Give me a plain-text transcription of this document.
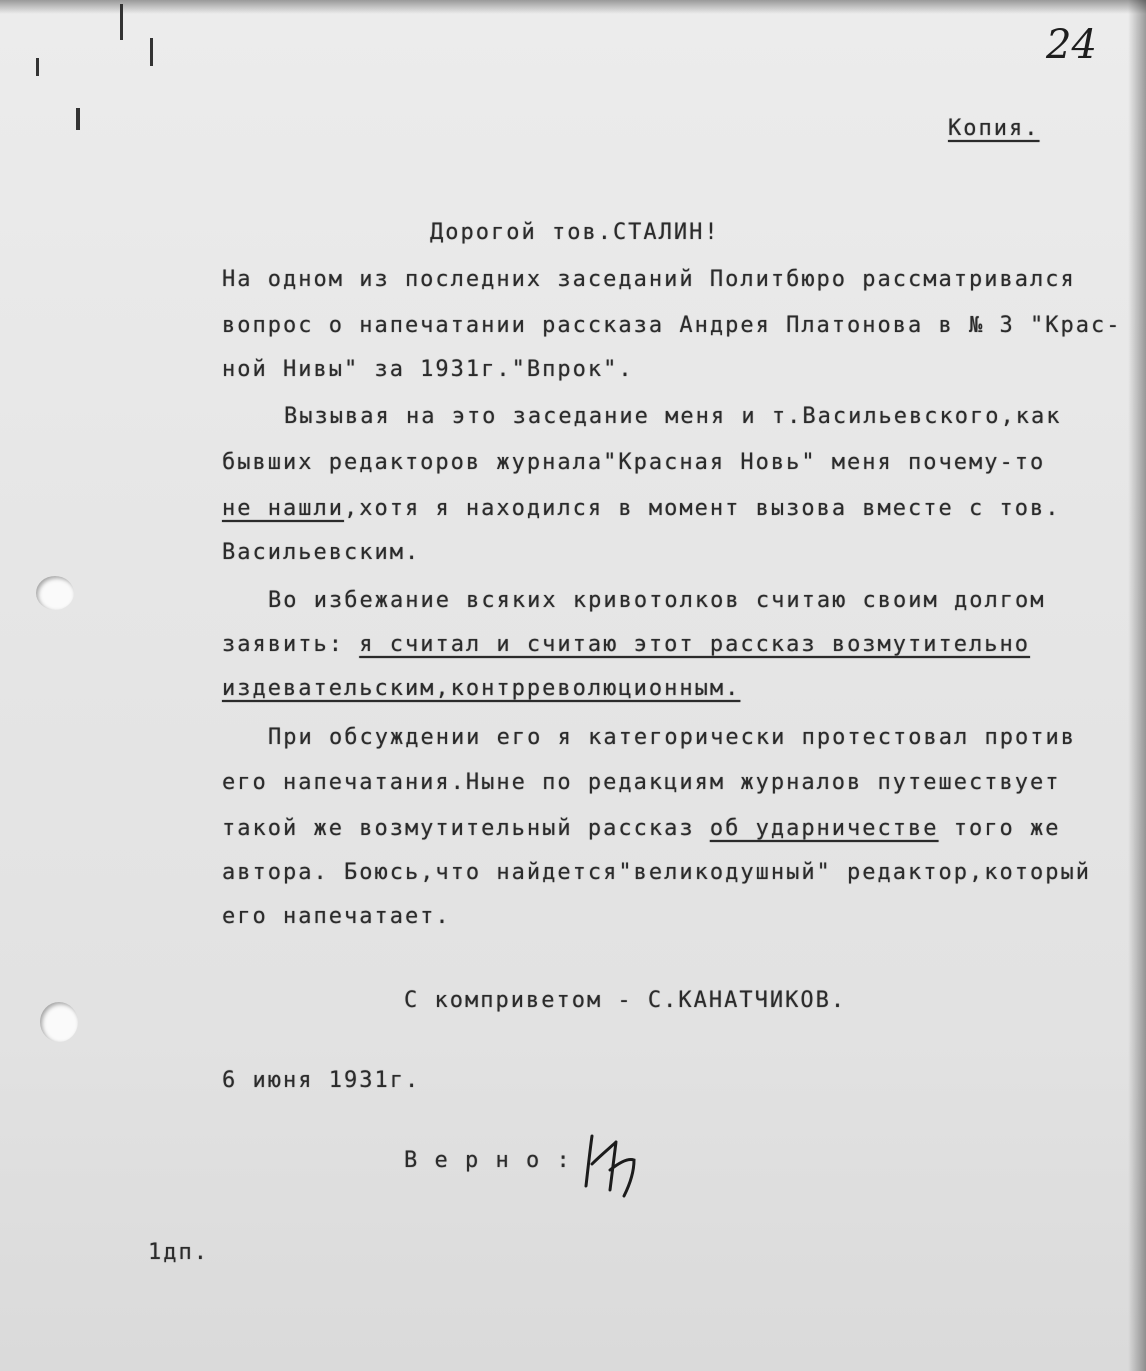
24
Копия.
Дорогой тов.СТАЛИН!
На одном из последних заседаний Политбюро рассматривался
вопрос о напечатании рассказа Андрея Платонова в № 3 "Крас-
ной Нивы" за 1931г."Впрок".
Вызывая на это заседание меня и т.Васильевского,как
бывших редакторов журнала"Красная Новь" меня почему-то
не нашли,хотя я находился в момент вызова вместе с тов.
Васильевским.
Во избежание всяких кривотолков считаю своим долгом
заявить: я считал и считаю этот рассказ возмутительно
издевательским,контрреволюционным.
При обсуждении его я категорически протестовал против
его напечатания.Ныне по редакциям журналов путешествует
такой же возмутительный рассказ об ударничестве того же
автора. Боюсь,что найдется"великодушный" редактор,который
его напечатает.
С комприветом - С.КАНАТЧИКОВ.
6 июня 1931г.
В е р н о :
1дп.
